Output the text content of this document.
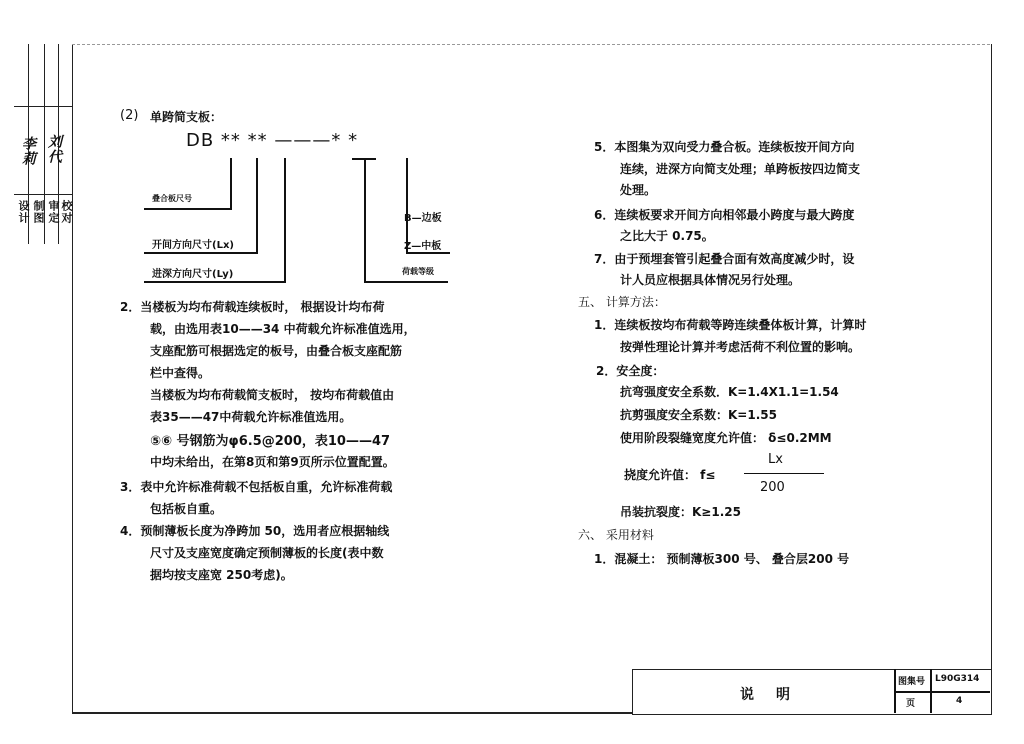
设计 制图 审定 校对
李莉 刘代
(2) 单跨简支板：
DB ** ** ———* *
叠合板尺号
开间方向尺寸(Lx)
进深方向尺寸(Ly)
B—边板
Z—中板
荷载等级
2．当楼板为均布荷载连续板时， 根据设计均布荷
载，由选用表10——34 中荷载允许标准值选用，
支座配筋可根据选定的板号，由叠合板支座配筋
栏中查得。
当楼板为均布荷载简支板时， 按均布荷载值由
表35——47中荷载允许标准值选用。
⑤⑥ 号钢筋为φ6.5@200，表10——47
中均未给出，在第8页和第9页所示位置配置。
3．表中允许标准荷载不包括板自重，允许标准荷载
包括板自重。
4．预制薄板长度为净跨加 50，选用者应根据轴线
尺寸及支座宽度确定预制薄板的长度(表中数
据均按支座宽 250考虑)。
5．本图集为双向受力叠合板。连续板按开间方向
连续，进深方向简支处理；单跨板按四边简支
处理。
6．连续板要求开间方向相邻最小跨度与最大跨度
之比大于 0.75。
7．由于预埋套管引起叠合面有效高度减少时，设
计人员应根据具体情况另行处理。
五、 计算方法：
1．连续板按均布荷载等跨连续叠体板计算，计算时
按弹性理论计算并考虑活荷不利位置的影响。
2．安全度：
抗弯强度安全系数．K=1.4X1.1=1.54
抗剪强度安全系数：K=1.55
使用阶段裂缝宽度允许值： δ≤0.2MM
挠度允许值： f≤
Lx
200
吊装抗裂度：K≥1.25
六、 采用材料
1．混凝土： 预制薄板300 号、 叠合层200 号
说　明
图集号 L90G314
页	4
